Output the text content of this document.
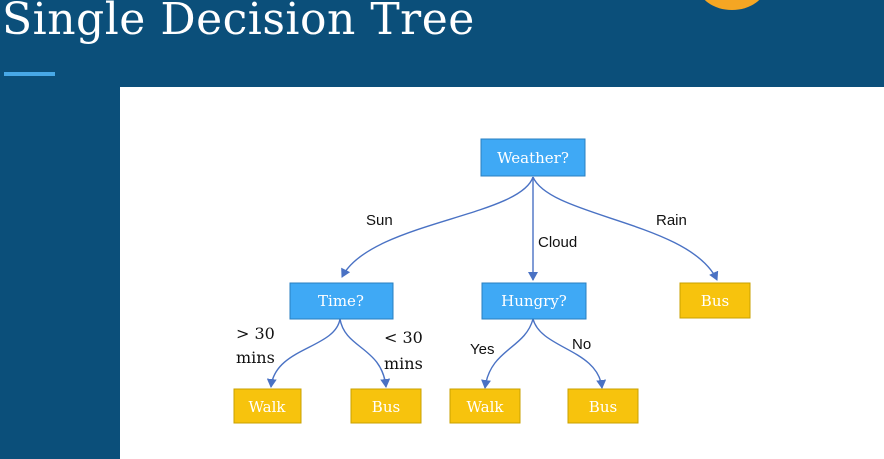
Single Decision Tree
Weather?
Sun
Cloud
Rain
Time?	Hungry?	Bus
> 30
mins
< 30
mins
Yes	No
Walk	Bus	Walk	Bus
